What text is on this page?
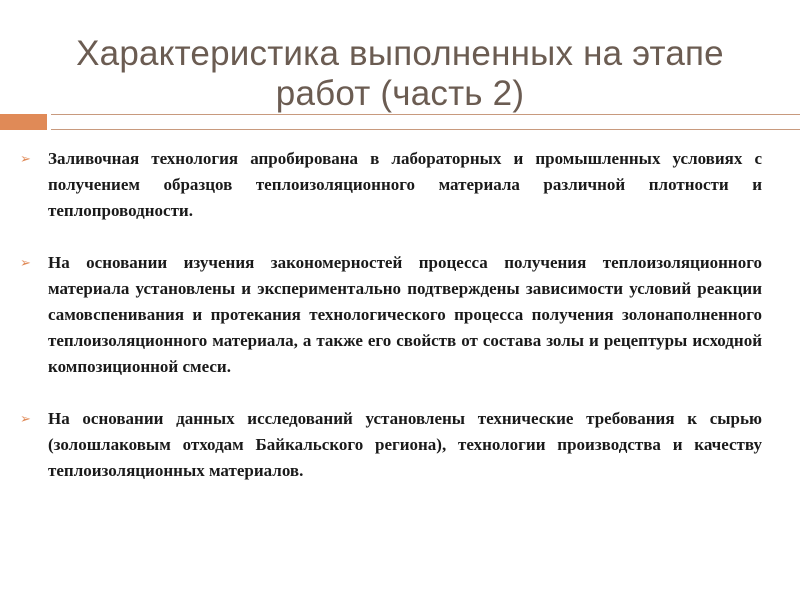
Характеристика выполненных на этапе работ (часть 2)
➢ Заливочная технология апробирована в лабораторных и промышленных условиях с получением образцов теплоизоляционного материала различной плотности и теплопроводности.
➢ На основании изучения закономерностей процесса получения теплоизоляционного материала установлены и экспериментально подтверждены зависимости условий реакции самовспенивания и протекания технологического процесса получения золонаполненного теплоизоляционного материала, а также его свойств от состава золы и рецептуры исходной композиционной смеси.
➢ На основании данных исследований установлены технические требования к сырью (золошлаковым отходам Байкальского региона), технологии производства и качеству теплоизоляционных материалов.
